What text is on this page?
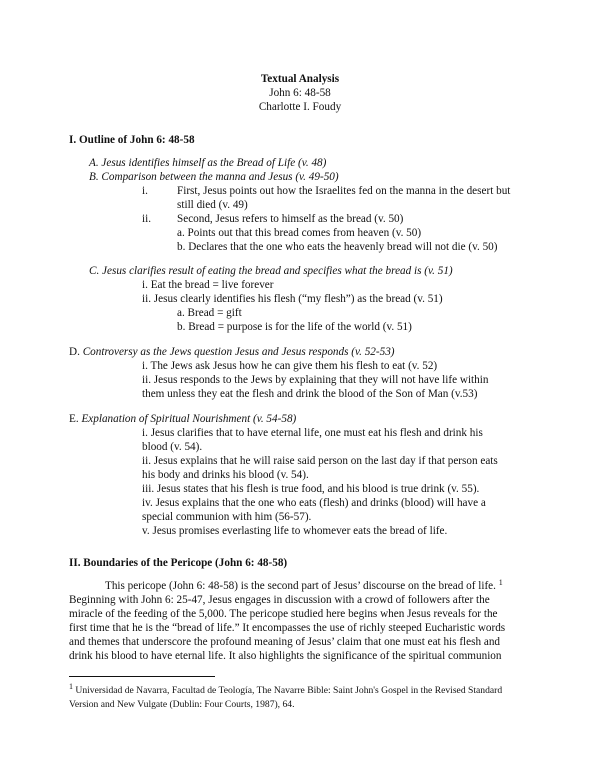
Textual Analysis
John 6: 48-58
Charlotte I. Foudy
I. Outline of John 6: 48-58
A. Jesus identifies himself as the Bread of Life (v. 48)
B. Comparison between the manna and Jesus (v. 49-50)
i.	First, Jesus points out how the Israelites fed on the manna in the desert but
still died (v. 49)
ii. Second, Jesus refers to himself as the bread (v. 50)
a. Points out that this bread comes from heaven (v. 50)
b. Declares that the one who eats the heavenly bread will not die (v. 50)
C. Jesus clarifies result of eating the bread and specifies what the bread is (v. 51)
i. Eat the bread = live forever
ii. Jesus clearly identifies his flesh (“my flesh”) as the bread (v. 51)
a. Bread = gift
b. Bread = purpose is for the life of the world (v. 51)
D. Controversy as the Jews question Jesus and Jesus responds (v. 52-53)
i. The Jews ask Jesus how he can give them his flesh to eat (v. 52)
ii. Jesus responds to the Jews by explaining that they will not have life within
them unless they eat the flesh and drink the blood of the Son of Man (v.53)
E. Explanation of Spiritual Nourishment (v. 54-58)
i. Jesus clarifies that to have eternal life, one must eat his flesh and drink his
blood (v. 54).
ii. Jesus explains that he will raise said person on the last day if that person eats
his body and drinks his blood (v. 54).
iii. Jesus states that his flesh is true food, and his blood is true drink (v. 55).
iv. Jesus explains that the one who eats (flesh) and drinks (blood) will have a
special communion with him (56-57).
v. Jesus promises everlasting life to whomever eats the bread of life.
II. Boundaries of the Pericope (John 6: 48-58)
This pericope (John 6: 48-58) is the second part of Jesus’ discourse on the bread of life. $^1$
Beginning with John 6: 25-47, Jesus engages in discussion with a crowd of followers after the
miracle of the feeding of the 5,000. The pericope studied here begins when Jesus reveals for the
first time that he is the “bread of life.” It encompasses the use of richly steeped Eucharistic words
and themes that underscore the profound meaning of Jesus’ claim that one must eat his flesh and
drink his blood to have eternal life. It also highlights the significance of the spiritual communion
$^1$ Universidad de Navarra, Facultad de Teología, The Navarre Bible: Saint John's Gospel in the Revised Standard
Version and New Vulgate (Dublin: Four Courts, 1987), 64.
